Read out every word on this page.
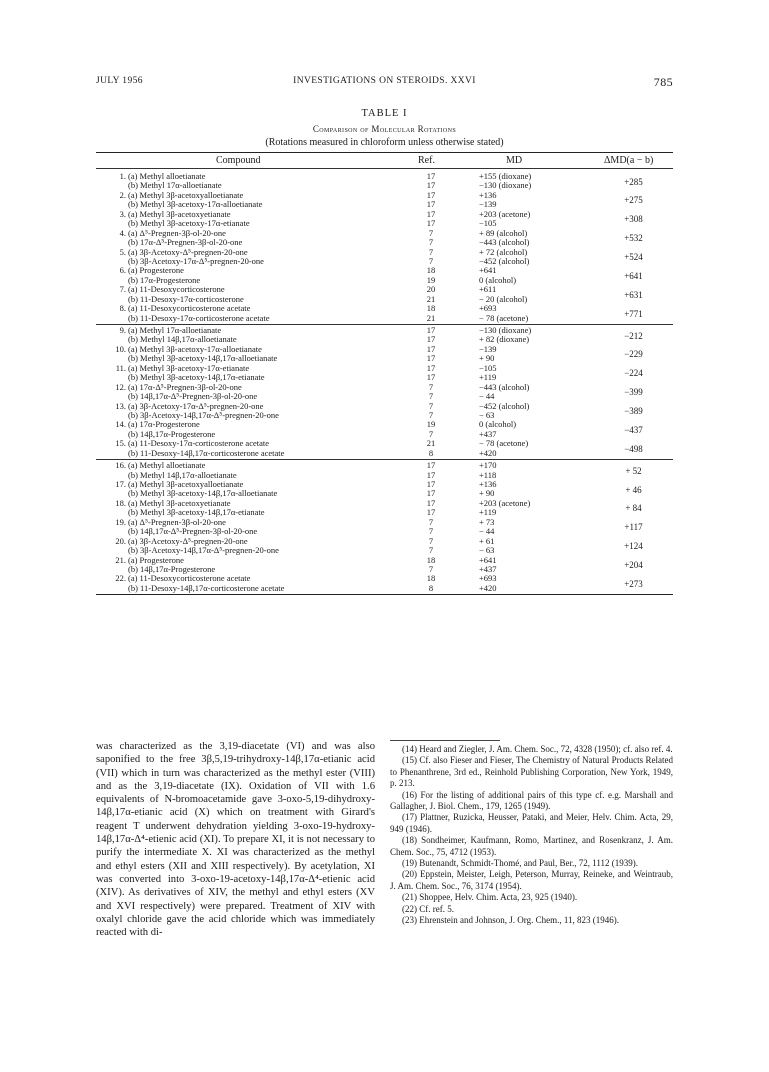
JULY 1956	INVESTIGATIONS ON STEROIDS. XXVI	785
TABLE I
Comparison of Molecular Rotations
(Rotations measured in chloroform unless otherwise stated)
Compound	Ref.	MD	ΔMD(a − b)
1. (a) Methyl alloetianate	17	+155 (dioxane)
(b) Methyl 17α-alloetianate	17	−130 (dioxane)	+285
2. (a) Methyl 3β-acetoxyalloetianate	17	+136
(b) Methyl 3β-acetoxy-17α-alloetianate	17	−139	+275
3. (a) Methyl 3β-acetoxyetianate	17	+203 (acetone)
(b) Methyl 3β-acetoxy-17α-etianate	17	−105	+308
4. (a) Δ⁵-Pregnen-3β-ol-20-one	7	+ 89 (alcohol)
(b) 17α-Δ⁵-Pregnen-3β-ol-20-one	7	−443 (alcohol)	+532
5. (a) 3β-Acetoxy-Δ⁵-pregnen-20-one	7	+ 72 (alcohol)
(b) 3β-Acetoxy-17α-Δ⁵-pregnen-20-one	7	−452 (alcohol)	+524
6. (a) Progesterone	18	+641
(b) 17α-Progesterone	19	0 (alcohol)	+641
7. (a) 11-Desoxycorticosterone	20	+611
(b) 11-Desoxy-17α-corticosterone	21	− 20 (alcohol)	+631
8. (a) 11-Desoxycorticosterone acetate	18	+693
(b) 11-Desoxy-17α-corticosterone acetate	21	− 78 (acetone)	+771
9. (a) Methyl 17α-alloetianate	17	−130 (dioxane)
(b) Methyl 14β,17α-alloetianate	17	+ 82 (dioxane)	−212
10. (a) Methyl 3β-acetoxy-17α-alloetianate	17	−139
(b) Methyl 3β-acetoxy-14β,17α-alloetianate	17	+ 90	−229
11. (a) Methyl 3β-acetoxy-17α-etianate	17	−105
(b) Methyl 3β-acetoxy-14β,17α-etianate	17	+119	−224
12. (a) 17α-Δ⁵-Pregnen-3β-ol-20-one	7	−443 (alcohol)
(b) 14β,17α-Δ⁵-Pregnen-3β-ol-20-one	7	− 44	−399
13. (a) 3β-Acetoxy-17α-Δ⁵-pregnen-20-one	7	−452 (alcohol)
(b) 3β-Acetoxy-14β,17α-Δ⁵-pregnen-20-one	7	− 63	−389
14. (a) 17α-Progesterone	19	0 (alcohol)
(b) 14β,17α-Progesterone	7	+437	−437
15. (a) 11-Desoxy-17α-corticosterone acetate	21	− 78 (acetone)
(b) 11-Desoxy-14β,17α-corticosterone acetate	8	+420	−498
16. (a) Methyl alloetianate	17	+170
(b) Methyl 14β,17α-alloetianate	17	+118	+ 52
17. (a) Methyl 3β-acetoxyalloetianate	17	+136
(b) Methyl 3β-acetoxy-14β,17α-alloetianate	17	+ 90	+ 46
18. (a) Methyl 3β-acetoxyetianate	17	+203 (acetone)
(b) Methyl 3β-acetoxy-14β,17α-etianate	17	+119	+ 84
19. (a) Δ⁵-Pregnen-3β-ol-20-one	7	+ 73
(b) 14β,17α-Δ⁵-Pregnen-3β-ol-20-one	7	− 44	+117
20. (a) 3β-Acetoxy-Δ⁵-pregnen-20-one	7	+ 61
(b) 3β-Acetoxy-14β,17α-Δ⁵-pregnen-20-one	7	− 63	+124
21. (a) Progesterone	18	+641
(b) 14β,17α-Progesterone	7	+437	+204
22. (a) 11-Desoxycorticosterone acetate	18	+693
(b) 11-Desoxy-14β,17α-corticosterone acetate	8	+420	+273

was characterized as the 3,19-diacetate (VI) and was also saponified to the free 3β,5,19-trihydroxy-14β,17α-etianic acid (VII) which in turn was characterized as the methyl ester (VIII) and as the 3,19-diacetate (IX). Oxidation of VII with 1.6 equivalents of N-bromoacetamide gave 3-oxo-5,19-dihydroxy-14β,17α-etianic acid (X) which on treatment with Girard's reagent T underwent dehydration yielding 3-oxo-19-hydroxy-14β,17α-Δ⁴-etienic acid (XI). To prepare XI, it is not necessary to purify the intermediate X. XI was characterized as the methyl and ethyl esters (XII and XIII respectively). By acetylation, XI was converted into 3-oxo-19-acetoxy-14β,17α-Δ⁴-etienic acid (XIV). As derivatives of XIV, the methyl and ethyl esters (XV and XVI respectively) were prepared. Treatment of XIV with oxalyl chloride gave the acid chloride which was immediately reacted with di-

(14) Heard and Ziegler, J. Am. Chem. Soc., 72, 4328 (1950); cf. also ref. 4.

(15) Cf. also Fieser and Fieser, The Chemistry of Natural Products Related to Phenanthrene, 3rd ed., Reinhold Publishing Corporation, New York, 1949, p. 213.

(16) For the listing of additional pairs of this type cf. e.g. Marshall and Gallagher, J. Biol. Chem., 179, 1265 (1949).

(17) Plattner, Ruzicka, Heusser, Pataki, and Meier, Helv. Chim. Acta, 29, 949 (1946).

(18) Sondheimer, Kaufmann, Romo, Martinez, and Rosenkranz, J. Am. Chem. Soc., 75, 4712 (1953).

(19) Butenandt, Schmidt-Thomé, and Paul, Ber., 72, 1112 (1939).

(20) Eppstein, Meister, Leigh, Peterson, Murray, Reineke, and Weintraub, J. Am. Chem. Soc., 76, 3174 (1954).

(21) Shoppee, Helv. Chim. Acta, 23, 925 (1940).

(22) Cf. ref. 5.

(23) Ehrenstein and Johnson, J. Org. Chem., 11, 823 (1946).
